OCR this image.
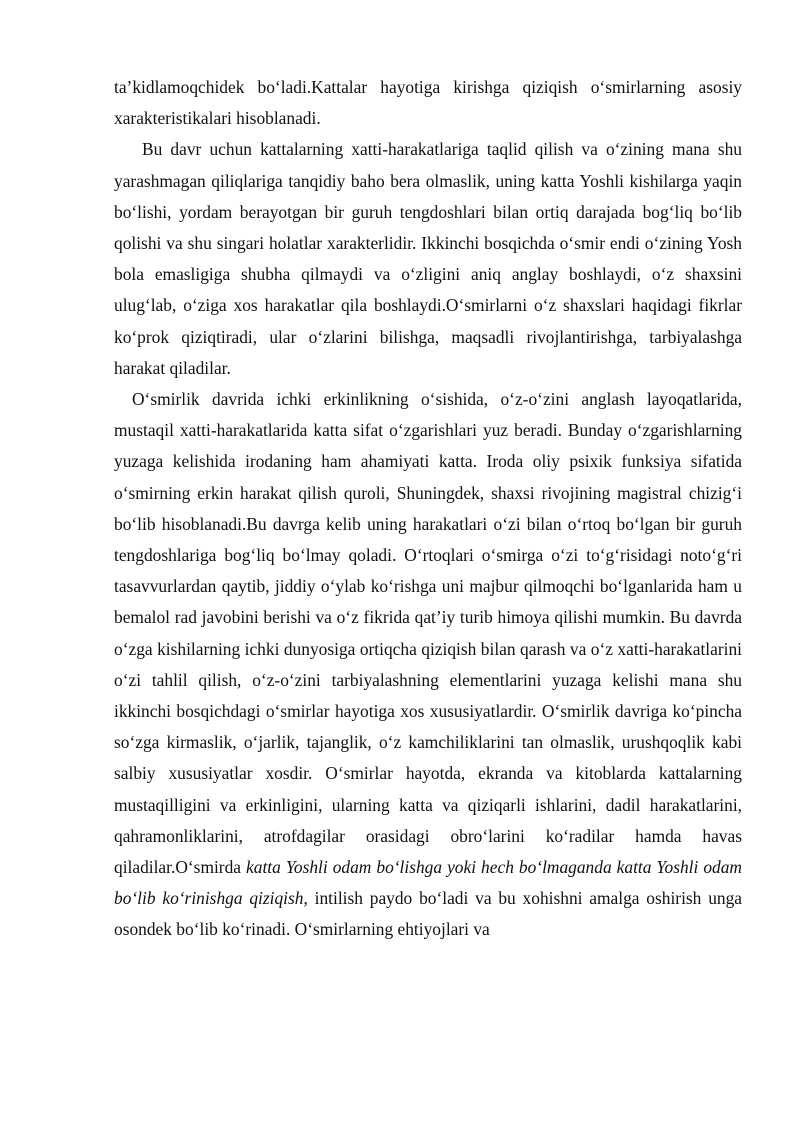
ta’kidlamoqchidek bo‘ladi.Kattalar hayotiga kirishga qiziqish o‘smirlarning asosiy xarakteristikalari hisoblanadi.

Bu davr uchun kattalarning xatti-harakatlariga taqlid qilish va o‘zining mana shu yarashmagan qiliqlariga tanqidiy baho bera olmaslik, uning katta Yoshli kishilarga yaqin bo‘lishi, yordam berayotgan bir guruh tengdoshlari bilan ortiq darajada bog‘liq bo‘lib qolishi va shu singari holatlar xarakterlidir. Ikkinchi bosqichda o‘smir endi o‘zining Yosh bola emasligiga shubha qilmaydi va o‘zligini aniq anglay boshlaydi, o‘z shaxsini ulug‘lab, o‘ziga xos harakatlar qila boshlaydi.O‘smirlarni o‘z shaxslari haqidagi fikrlar ko‘prok qiziqtiradi, ular o‘zlarini bilishga, maqsadli rivojlantirishga, tarbiyalashga harakat qiladilar.

O‘smirlik davrida ichki erkinlikning o‘sishida, o‘z-o‘zini anglash layoqatlarida, mustaqil xatti-harakatlarida katta sifat o‘zgarishlari yuz beradi. Bunday o‘zgarishlarning yuzaga kelishida irodaning ham ahamiyati katta. Iroda oliy psixik funksiya sifatida o‘smirning erkin harakat qilish quroli, Shuningdek, shaxsi rivojining magistral chizig‘i bo‘lib hisoblanadi.Bu davrga kelib uning harakatlari o‘zi bilan o‘rtoq bo‘lgan bir guruh tengdoshlariga bog‘liq bo‘lmay qoladi. O‘rtoqlari o‘smirga o‘zi to‘g‘risidagi noto‘g‘ri tasavvurlardan qaytib, jiddiy o‘ylab ko‘rishga uni majbur qilmoqchi bo‘lganlarida ham u bemalol rad javobini berishi va o‘z fikrida qat’iy turib himoya qilishi mumkin. Bu davrda o‘zga kishilarning ichki dunyosiga ortiqcha qiziqish bilan qarash va o‘z xatti-harakatlarini o‘zi tahlil qilish, o‘z-o‘zini tarbiyalashning elementlarini yuzaga kelishi mana shu ikkinchi bosqichdagi o‘smirlar hayotiga xos xususiyatlardir. O‘smirlik davriga ko‘pincha so‘zga kirmaslik, o‘jarlik, tajanglik, o‘z kamchiliklarini tan olmaslik, urushqoqlik kabi salbiy xususiyatlar xosdir. O‘smirlar hayotda, ekranda va kitoblarda kattalarning mustaqilligini va erkinligini, ularning katta va qiziqarli ishlarini, dadil harakatlarini, qahramonliklarini, atrofdagilar orasidagi obro‘larini ko‘radilar hamda havas qiladilar.O‘smirda katta Yoshli odam bo‘lishga yoki hech bo‘lmaganda katta Yoshli odam bo‘lib ko‘rinishga qiziqish, intilish paydo bo‘ladi va bu xohishni amalga oshirish unga osondek bo‘lib ko‘rinadi. O‘smirlarning ehtiyojlari va
